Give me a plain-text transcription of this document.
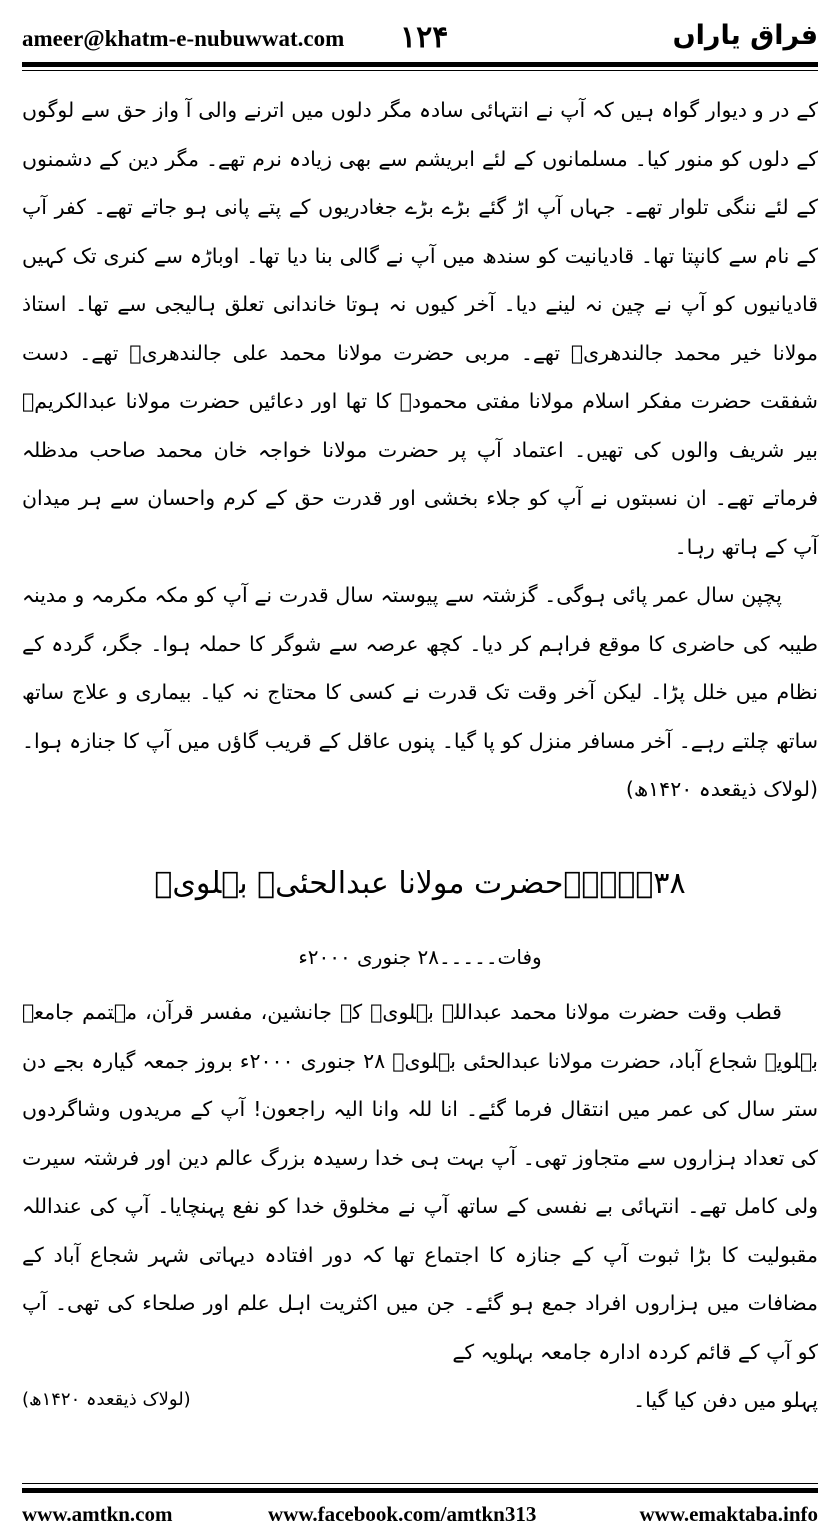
ameer@khatm-e-nubuwwat.com ۱۲۴	فراق یاراں

کے در و دیوار گواہ ہیں کہ آپ نے انتہائی سادہ مگر دلوں میں اترنے والی آ واز حق سے لوگوں کے دلوں کو منور کیا۔ مسلمانوں کے لئے ابریشم سے بھی زیادہ نرم تھے۔ مگر دین کے دشمنوں کے لئے ننگی تلوار تھے۔ جہاں آپ اڑ گئے بڑے بڑے جغادریوں کے پتے پانی ہو جاتے تھے۔ کفر آپ کے نام سے کانپتا تھا۔ قادیانیت کو سندھ میں آپ نے گالی بنا دیا تھا۔ اوباڑہ سے کنری تک کہیں قادیانیوں کو آپ نے چین نہ لینے دیا۔ آخر کیوں نہ ہوتا خاندانی تعلق ہالیجی سے تھا۔ استاذ مولانا خیر محمد جالندھریؒ تھے۔ مربی حضرت مولانا محمد علی جالندھریؒ تھے۔ دست شفقت حضرت مفکر اسلام مولانا مفتی محمودؒ کا تھا اور دعائیں حضرت مولانا عبدالکریمؒ بیر شریف والوں کی تھیں۔ اعتماد آپ پر حضرت مولانا خواجہ خان محمد صاحب مدظلہ فرماتے تھے۔ ان نسبتوں نے آپ کو جلاء بخشی اور قدرت حق کے کرم واحسان سے ہر میدان آپ کے ہاتھ رہا۔

پچپن سال عمر پائی ہوگی۔ گزشتہ سے پیوستہ سال قدرت نے آپ کو مکہ مکرمہ و مدینہ طیبہ کی حاضری کا موقع فراہم کر دیا۔ کچھ عرصہ سے شوگر کا حملہ ہوا۔ جگر، گردہ کے نظام میں خلل پڑا۔ لیکن آخر وقت تک قدرت نے کسی کا محتاج نہ کیا۔ بیماری و علاج ساتھ ساتھ چلتے رہے۔ آخر مسافر منزل کو پا گیا۔ پنوں عاقل کے قریب گاؤں میں آپ کا جنازہ ہوا۔ (لولاک ذیقعدہ ۱۴۲۰ھ)

۳۸۔۔۔۔۔حضرت مولانا عبدالحئیؒ بہلویؒ
وفات۔۔۔۔۔۲۸ جنوری ۲۰۰۰ء

قطب وقت حضرت مولانا محمد عبداللہ بہلویؒ کے جانشین، مفسر قرآن، مہتمم جامعہ بہلویہ شجاع آباد، حضرت مولانا عبدالحئی بہلویؒ ۲۸ جنوری ۲۰۰۰ء بروز جمعہ گیارہ بجے دن ستر سال کی عمر میں انتقال فرما گئے۔ انا للہ وانا الیہ راجعون! آپ کے مریدوں وشاگردوں کی تعداد ہزاروں سے متجاوز تھی۔ آپ بہت ہی خدا رسیدہ بزرگ عالم دین اور فرشتہ سیرت ولی کامل تھے۔ انتہائی بے نفسی کے ساتھ آپ نے مخلوق خدا کو نفع پہنچایا۔ آپ کی عنداللہ مقبولیت کا بڑا ثبوت آپ کے جنازہ کا اجتماع تھا کہ دور افتادہ دیہاتی شہر شجاع آباد کے مضافات میں ہزاروں افراد جمع ہو گئے۔ جن میں اکثریت اہل علم اور صلحاء کی تھی۔ آپ کو آپ کے قائم کردہ ادارہ جامعہ بہلویہ کے

پہلو میں دفن کیا گیا۔
(لولاک ذیقعدہ ۱۴۲۰ھ)
www.amtkn.com	www.facebook.com/amtkn313	www.emaktaba.info
